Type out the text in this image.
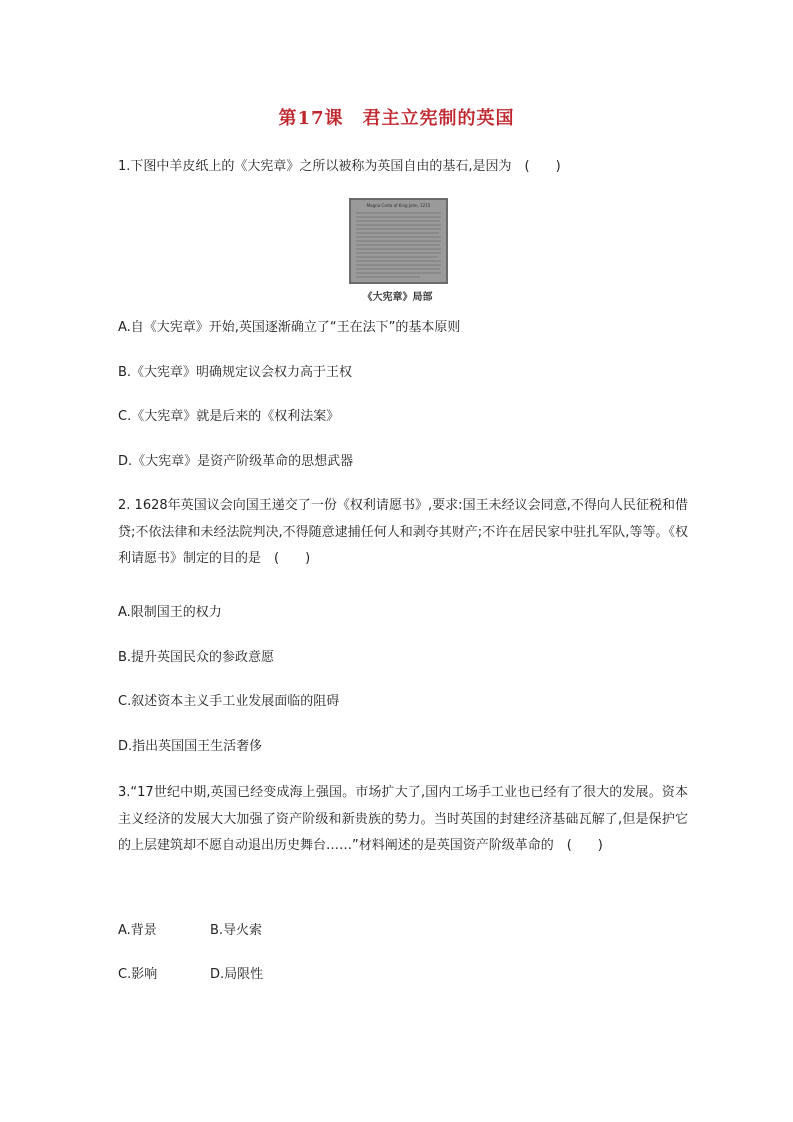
第17课　君主立宪制的英国
1.下图中羊皮纸上的《大宪章》之所以被称为英国自由的基石,是因为　(　　)
Magna Carta of King John, 1215
《大宪章》局部
A.自《大宪章》开始,英国逐渐确立了“王在法下”的基本原则
B.《大宪章》明确规定议会权力高于王权
C.《大宪章》就是后来的《权利法案》
D.《大宪章》是资产阶级革命的思想武器
2. 1628年英国议会向国王递交了一份《权利请愿书》,要求:国王未经议会同意,不得向人民征税和借贷;不依法律和未经法院判决,不得随意逮捕任何人和剥夺其财产;不许在居民家中驻扎军队,等等。《权利请愿书》制定的目的是　(　　)
A.限制国王的权力
B.提升英国民众的参政意愿
C.叙述资本主义手工业发展面临的阻碍
D.指出英国国王生活奢侈
3.“17世纪中期,英国已经变成海上强国。市场扩大了,国内工场手工业也已经有了很大的发展。资本主义经济的发展大大加强了资产阶级和新贵族的势力。当时英国的封建经济基础瓦解了,但是保护它的上层建筑却不愿自动退出历史舞台……”材料阐述的是英国资产阶级革命的　(　　)
A.背景	B.导火索
C.影响	D.局限性
